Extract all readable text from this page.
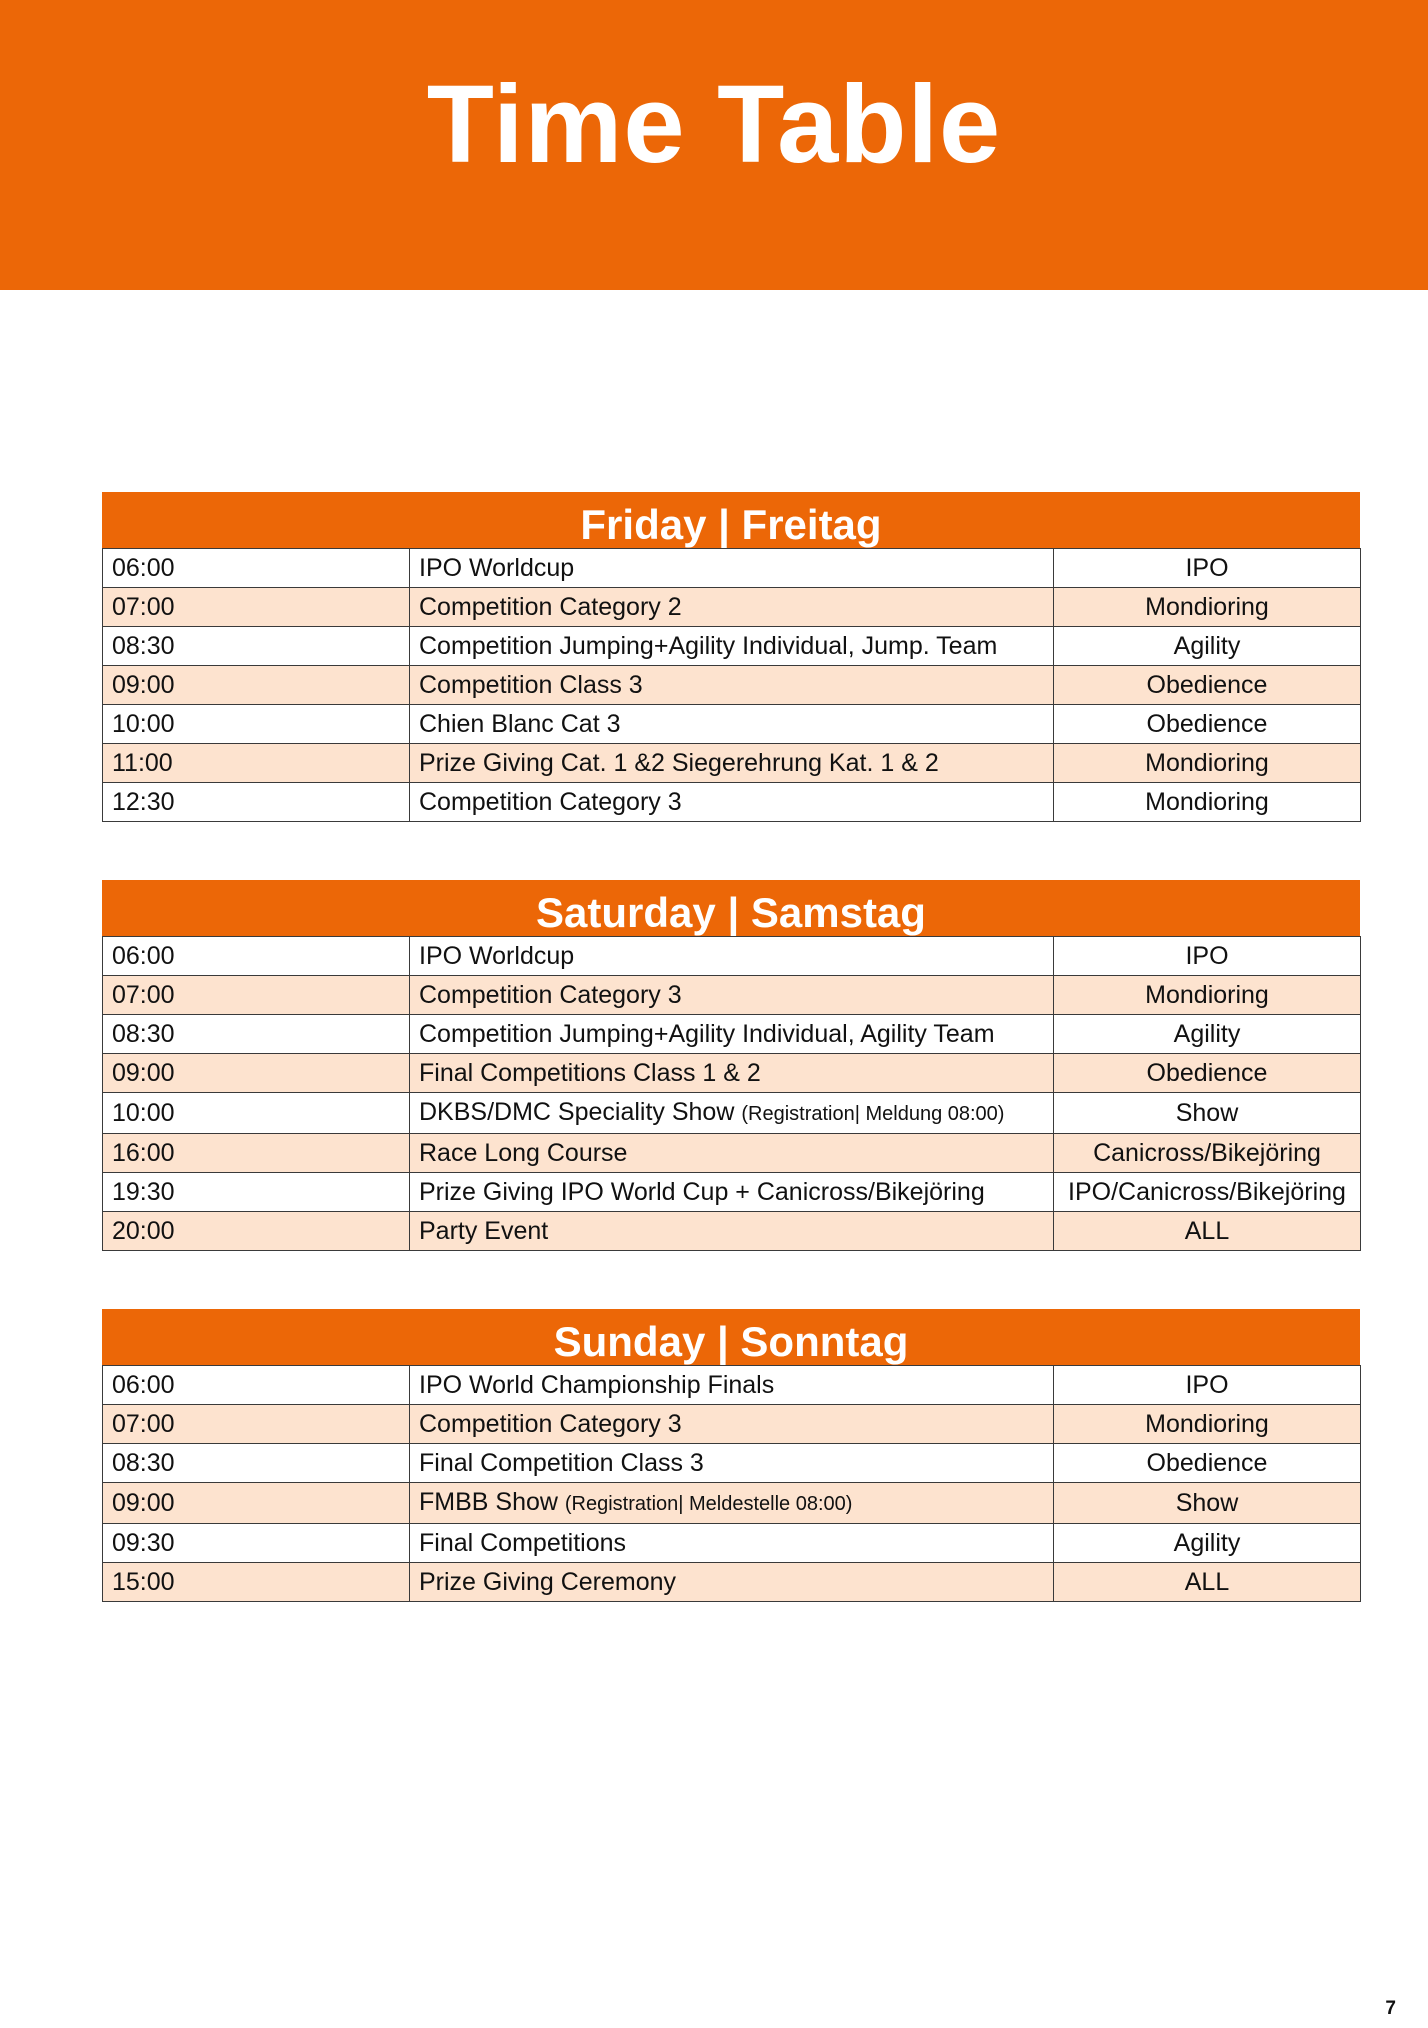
Time Table
Friday | Freitag
06:00	IPO Worldcup	IPO
07:00	Competition Category 2	Mondioring
08:30	Competition Jumping+Agility Individual, Jump. Team	Agility
09:00	Competition Class 3	Obedience
10:00	Chien Blanc Cat 3	Obedience
11:00	Prize Giving Cat. 1 &2 Siegerehrung Kat. 1 & 2	Mondioring
12:30	Competition Category 3	Mondioring
Saturday | Samstag
06:00	IPO Worldcup	IPO
07:00	Competition Category 3	Mondioring
08:30	Competition Jumping+Agility Individual, Agility Team	Agility
09:00	Final Competitions Class 1 & 2	Obedience
10:00	DKBS/DMC Speciality Show (Registration| Meldung 08:00)	Show
16:00	Race Long Course	Canicross/Bikejöring
19:30	Prize Giving IPO World Cup + Canicross/Bikejöring	IPO/Canicross/Bikejöring
20:00	Party Event	ALL
Sunday | Sonntag
06:00	IPO World Championship Finals	IPO
07:00	Competition Category 3	Mondioring
08:30	Final Competition Class 3	Obedience
09:00	FMBB Show (Registration| Meldestelle 08:00)	Show
09:30	Final Competitions	Agility
15:00	Prize Giving Ceremony	ALL
7
